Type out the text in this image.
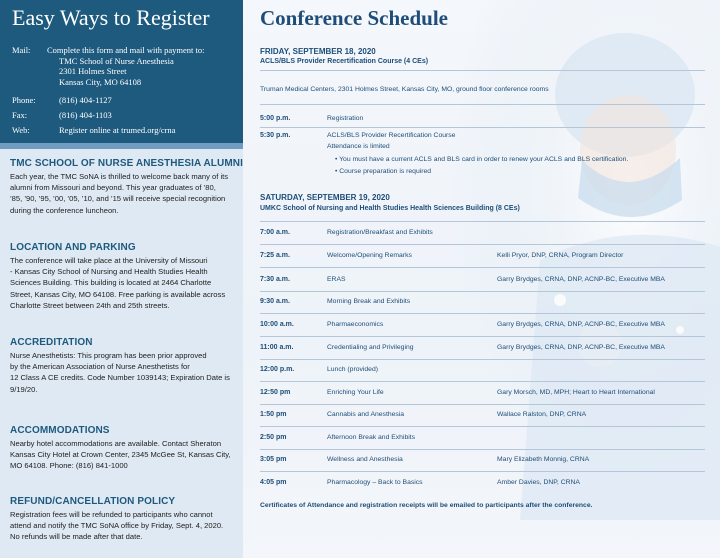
Easy Ways to Register
Mail:	Complete this form and mail with payment to:
TMC School of Nurse Anesthesia
2301 Holmes Street
Kansas City, MO 64108
Phone:	(816) 404-1127
Fax:	(816) 404-1103
Web:	Register online at trumed.org/crna
TMC SCHOOL OF NURSE ANESTHESIA ALUMNI

Each year, the TMC SoNA is thrilled to welcome back many of its
alumni from Missouri and beyond. This year graduates of ’80,
’85, ’90, ’95, ’00, ’05, ’10, and ’15 will receive special recognition
during the conference luncheon.

LOCATION AND PARKING

The conference will take place at the University of Missouri
- Kansas City School of Nursing and Health Studies Health
Sciences Building. This building is located at 2464 Charlotte
Street, Kansas City, MO 64108. Free parking is available across
Charlotte Street between 24th and 25th streets.

ACCREDITATION

Nurse Anesthetists: This program has been prior approved
by the American Association of Nurse Anesthetists for
12 Class A CE credits. Code Number 1039143; Expiration Date is
9/19/20.

ACCOMMODATIONS

Nearby hotel accommodations are available. Contact Sheraton
Kansas City Hotel at Crown Center, 2345 McGee St, Kansas City,
MO 64108. Phone: (816) 841-1000

REFUND/CANCELLATION POLICY

Registration fees will be refunded to participants who cannot
attend and notify the TMC SoNA office by Friday, Sept. 4, 2020.
No refunds will be made after that date.

Conference Schedule
FRIDAY, SEPTEMBER 18, 2020
ACLS/BLS Provider Recertification Course (4 CEs)
Truman Medical Centers, 2301 Holmes Street, Kansas City, MO, ground floor conference rooms
5:00 p.m.	Registration
5:30 p.m.	ACLS/BLS Provider Recertification Course
Attendance is limited
• You must have a current ACLS and BLS card in order to renew your ACLS and BLS certification.
• Course preparation is required
SATURDAY, SEPTEMBER 19, 2020
UMKC School of Nursing and Health Studies Health Sciences Building (8 CEs)
7:00 a.m.	Registration/Breakfast and Exhibits
7:25 a.m.	Welcome/Opening Remarks	Kelli Pryor, DNP, CRNA, Program Director
7:30 a.m.	ERAS	Garry Brydges, CRNA, DNP, ACNP-BC, Executive MBA
9:30 a.m.	Morning Break and Exhibits
10:00 a.m.	Pharmaeconomics	Garry Brydges, CRNA, DNP, ACNP-BC, Executive MBA
11:00 a.m.	Credentialing and Privileging	Garry Brydges, CRNA, DNP, ACNP-BC, Executive MBA
12:00 p.m.	Lunch (provided)
12:50 pm	Enriching Your Life	Gary Morsch, MD, MPH; Heart to Heart International
1:50 pm	Cannabis and Anesthesia	Wallace Ralston, DNP, CRNA
2:50 pm	Afternoon Break and Exhibits
3:05 pm	Wellness and Anesthesia	Mary Elizabeth Monnig, CRNA
4:05 pm	Pharmacology – Back to Basics	Amber Davies, DNP, CRNA
Certificates of Attendance and registration receipts will be emailed to participants after the conference.
